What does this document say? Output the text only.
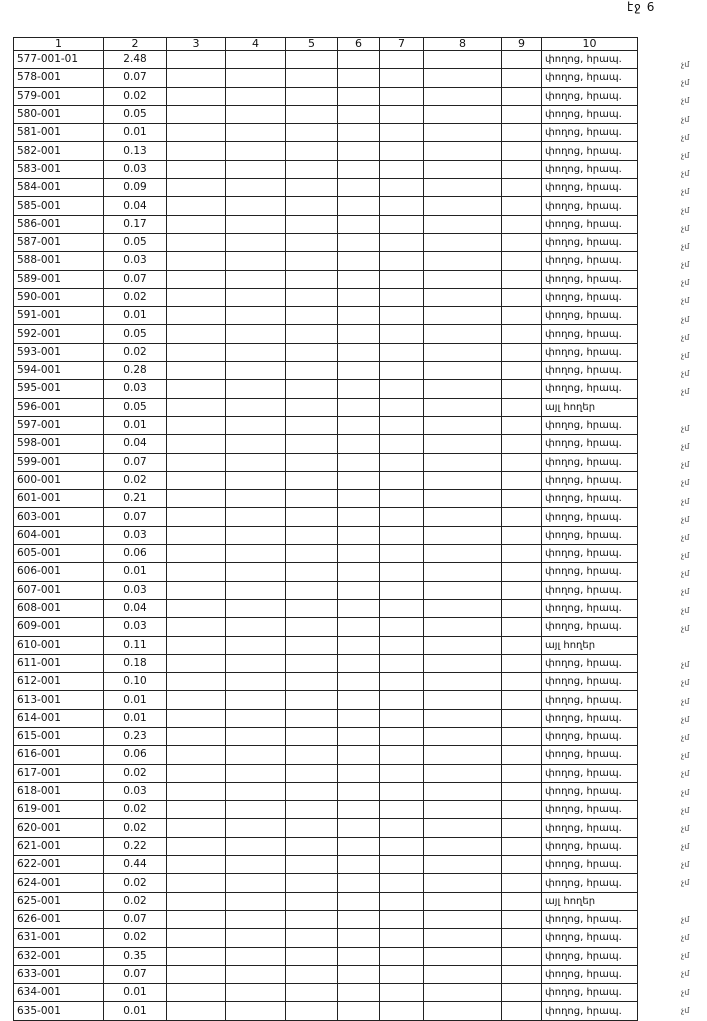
էջ 6
1	2	3	4	5	6	7	8	9	10
577-001-01	2.48								փողոց, հրապ.
578-001	0.07								փողոց, հրապ.
579-001	0.02								փողոց, հրապ.
580-001	0.05								փողոց, հրապ.
581-001	0.01								փողոց, հրապ.
582-001	0.13								փողոց, հրապ.
583-001	0.03								փողոց, հրապ.
584-001	0.09								փողոց, հրապ.
585-001	0.04								փողոց, հրապ.
586-001	0.17								փողոց, հրապ.
587-001	0.05								փողոց, հրապ.
588-001	0.03								փողոց, հրապ.
589-001	0.07								փողոց, հրապ.
590-001	0.02								փողոց, հրապ.
591-001	0.01								փողոց, հրապ.
592-001	0.05								փողոց, հրապ.
593-001	0.02								փողոց, հրապ.
594-001	0.28								փողոց, հրապ.
595-001	0.03								փողոց, հրապ.
596-001	0.05								այլ հողեր
597-001	0.01								փողոց, հրապ.
598-001	0.04								փողոց, հրապ.
599-001	0.07								փողոց, հրապ.
600-001	0.02								փողոց, հրապ.
601-001	0.21								փողոց, հրապ.
603-001	0.07								փողոց, հրապ.
604-001	0.03								փողոց, հրապ.
605-001	0.06								փողոց, հրապ.
606-001	0.01								փողոց, հրապ.
607-001	0.03								փողոց, հրապ.
608-001	0.04								փողոց, հրապ.
609-001	0.03								փողոց, հրապ.
610-001	0.11								այլ հողեր
611-001	0.18								փողոց, հրապ.
612-001	0.10								փողոց, հրապ.
613-001	0.01								փողոց, հրապ.
614-001	0.01								փողոց, հրապ.
615-001	0.23								փողոց, հրապ.
616-001	0.06								փողոց, հրապ.
617-001	0.02								փողոց, հրապ.
618-001	0.03								փողոց, հրապ.
619-001	0.02								փողոց, հրապ.
620-001	0.02								փողոց, հրապ.
621-001	0.22								փողոց, հրապ.
622-001	0.44								փողոց, հրապ.
624-001	0.02								փողոց, հրապ.
625-001	0.02								այլ հողեր
626-001	0.07								փողոց, հրապ.
631-001	0.02								փողոց, հրապ.
632-001	0.35								փողոց, հրապ.
633-001	0.07								փողոց, հրապ.
634-001	0.01								փողոց, հրապ.
635-001	0.01								փողոց, հրապ.
չմ
չմ
չմ
չմ
չմ
չմ
չմ
չմ
չմ
չմ
չմ
չմ
չմ
չմ
չմ
չմ
չմ
չմ
չմ
չմ
չմ
չմ
չմ
չմ
չմ
չմ
չմ
չմ
չմ
չմ
չմ
չմ
չմ
չմ
չմ
չմ
չմ
չմ
չմ
չմ
չմ
չմ
չմ
չմ
չմ
չմ
չմ
չմ
չմ
չմ
